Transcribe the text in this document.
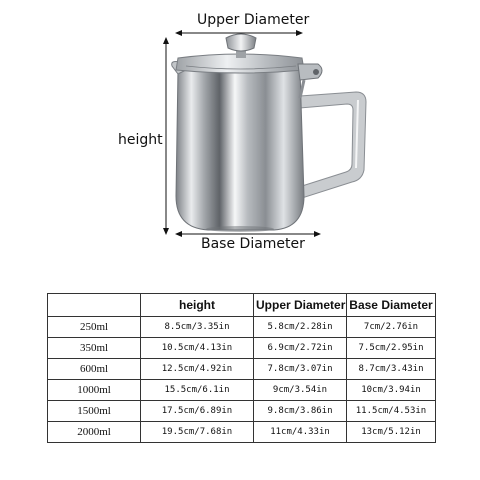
Upper Diameter
height
Base Diameter
	height	Upper Diameter	Base Diameter
250ml	8.5cm/3.35in	5.8cm/2.28in	7cm/2.76in
350ml	10.5cm/4.13in	6.9cm/2.72in	7.5cm/2.95in
600ml	12.5cm/4.92in	7.8cm/3.07in	8.7cm/3.43in
1000ml	15.5cm/6.1in	9cm/3.54in	10cm/3.94in
1500ml	17.5cm/6.89in	9.8cm/3.86in	11.5cm/4.53in
2000ml	19.5cm/7.68in	11cm/4.33in	13cm/5.12in
